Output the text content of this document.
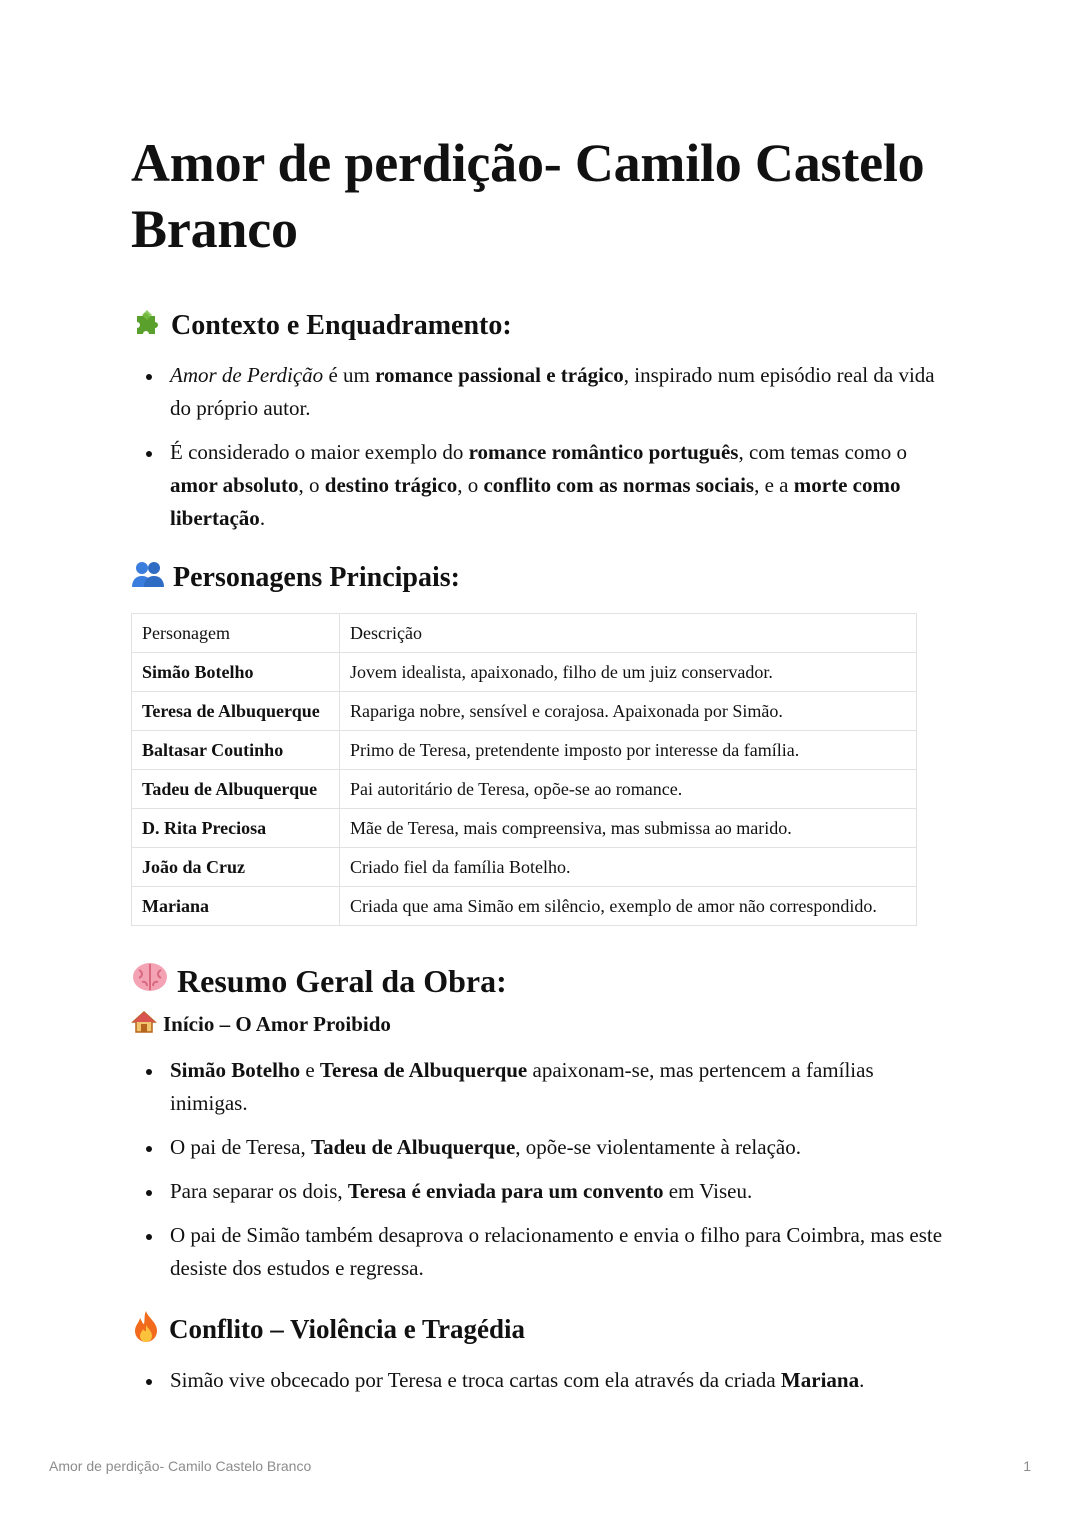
Amor de perdição- Camilo Castelo Branco
Contexto e Enquadramento:
Amor de Perdição é um romance passional e trágico, inspirado num episódio real da vida do próprio autor.
É considerado o maior exemplo do romance romântico português, com temas como o amor absoluto, o destino trágico, o conflito com as normas sociais, e a morte como libertação.
Personagens Principais:
Personagem	Descrição
Simão Botelho	Jovem idealista, apaixonado, filho de um juiz conservador.
Teresa de Albuquerque	Rapariga nobre, sensível e corajosa. Apaixonada por Simão.
Baltasar Coutinho	Primo de Teresa, pretendente imposto por interesse da família.
Tadeu de Albuquerque	Pai autoritário de Teresa, opõe-se ao romance.
D. Rita Preciosa	Mãe de Teresa, mais compreensiva, mas submissa ao marido.
João da Cruz	Criado fiel da família Botelho.
Mariana	Criada que ama Simão em silêncio, exemplo de amor não correspondido.
Resumo Geral da Obra:
Início – O Amor Proibido
Simão Botelho e Teresa de Albuquerque apaixonam-se, mas pertencem a famílias inimigas.
O pai de Teresa, Tadeu de Albuquerque, opõe-se violentamente à relação.
Para separar os dois, Teresa é enviada para um convento em Viseu.
O pai de Simão também desaprova o relacionamento e envia o filho para Coimbra, mas este desiste dos estudos e regressa.
Conflito – Violência e Tragédia
Simão vive obcecado por Teresa e troca cartas com ela através da criada Mariana.
Amor de perdição- Camilo Castelo Branco	1
